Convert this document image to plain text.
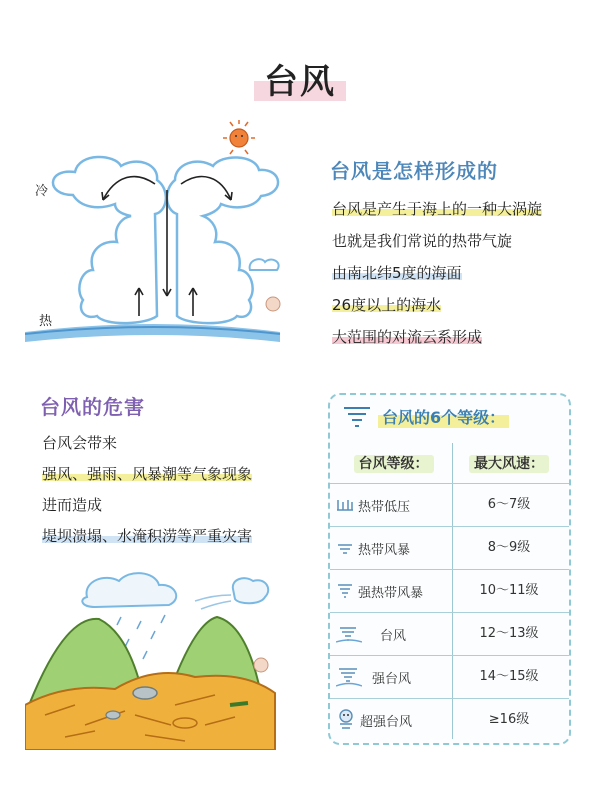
台风
冷
热
台风是怎样形成的
台风是产生于海上的一种大涡旋
也就是我们常说的热带气旋
由南北纬5度的海面
26度以上的海水
大范围的对流云系形成
台风的危害
台风会带来
强风、强雨、风暴潮等气象现象
进而造成
堤坝溃塌、水淹积涝等严重灾害
台风的6个等级：
台风等级：	最大风速：
热带低压	6～7级
热带风暴	8～9级
强热带风暴	10～11级
台风	12～13级
强台风	14～15级
超强台风	≥16级
